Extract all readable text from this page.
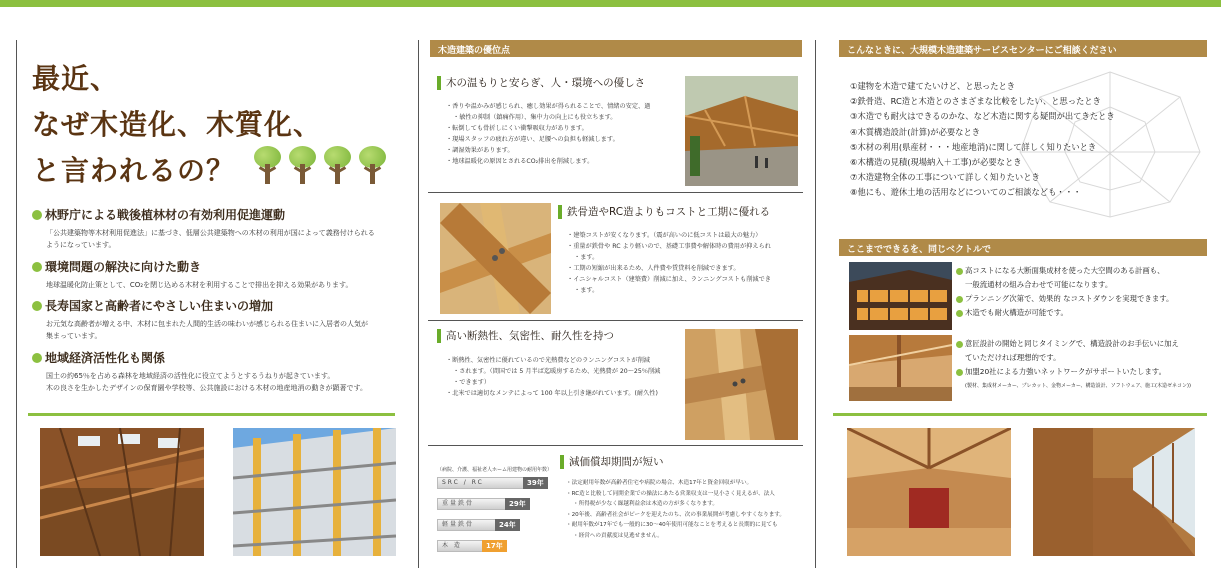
最近、
なぜ木造化、木質化、
と言われるの？
林野庁による戦後植林材の有効利用促進運動

「公共建築物等木材利用促進法」に基づき、低層公共建築物への木材の利用が国によって義務付けられる
ようになっています。

環境問題の解決に向けた動き

地球温暖化防止策として、CO₂を閉じ込める木材を利用することで排出を抑える効果があります。

長寿国家と高齢者にやさしい住まいの増加

お元気な高齢者が増える中、木材に包まれた人間的生活の味わいが感じられる住まいに入居者の人気が
集まっています。

地域経済活性化も関係

国土の約65％を占める森林を地域経済の活性化に役立てようとするうねりが起きています。
木の良さを生かしたデザインの保育園や学校等、公共施設における木材の地産地消の動きが顕著です。

木造建築の優位点
木の温もりと安らぎ、人・環境への優しさ
・ 香りや温かみが感じられ、癒し効果が得られることで、情緒の安定、過
・ 敏性の抑制（鎮痛作用）、集中力の向上にも役立ちます。
・ 転倒しても骨折しにくい衝撃吸収力があります。
・ 現場スタッフの疲れ方が違い、足腰への負担も軽減します。
・ 調湿効果があります。
・ 地球温暖化の原因とされるCO₂排出を削減します。
鉄骨造やRC造よりもコストと工期に優れる
・ 建築コストが安くなります。（震が高いのに低コストは最大の魅力）
・ 重量が鉄骨や RC より軽いので、基礎工事費や解体時の費用が抑えられ
・ ます。
・ 工期の短縮が出来るため、人件費や賃貸料を削減できます。
・ イニシャルコスト（建築費）削減に加え、ランニングコストも削減でき
・ ます。
高い断熱性、気密性、耐久性を持つ
・ 断熱性、気密性に優れているので光熱費などのランニングコストが削減
・ されます。（間国では 5 月半ば迄暖房するため、光熱費が 20～25％削減
・ できます）
・ 北米では適切なメンテによって 100 年以上引き継がれています。(耐久性)
（病院、介護、福祉老人ホーム用建物の耐用年数）
SRC / RC	39年
重量鉄骨	29年
軽量鉄骨	24年
木 造	17年
減価償却期間が短い
・ 法定耐用年数が高齢者住宅や病院の場合、木造17年と資金回収が早い。
・ RC造と比較して同開企業での操法にあたる営業収支は一見小さく見えるが、法人
・ 所得税が少なく繰越利益余は木造の方が多くなります。
・ 20年後、高齢者社会がピークを迎えたのち、次の事業展開が考慮しやすくなります。
・ 耐用年数が17年でも一般的に30～40年使用可能なことを考えると長期的に見ても
・ 経営への貢献度は見逃せません。
こんなときに、大規模木造建築サービスセンターにご相談ください
①建物を木造で建てたいけど、と思ったとき
②鉄骨造、RC造と木造とのさまざまな比較をしたい、と思ったとき
③木造でも耐火はできるのかな、など木造に関する疑問が出てきたとき
④木質構造設計(計算)が必要なとき
⑤木材の利用(県産材・・・地産地消)に関して詳しく知りたいとき
⑥木構造の見積(現場納入＋工事)が必要なとき
⑦木造建物全体の工事について詳しく知りたいとき
⑧他にも、遊休土地の活用などについてのご相談なども・・・
ここまでできるを、同じベクトルで
高コストになる大断面集成材を使った大空間のある計画も、
一般流通材の組み合わせで可能になります。
プランニング次第で、効果的 なコストダウンを実現できます。
木造でも耐火構造が可能です。
意匠設計の開始と同じタイミングで、構造設計のお手伝いに加え
ていただければ理想的です。
加盟20社による力強いネットワークがサポートいたします。
(製材、集成材メーカー、プレカット、金物メーカー、構造設計、ソフトウェア、施工(木造ゼネコン))
